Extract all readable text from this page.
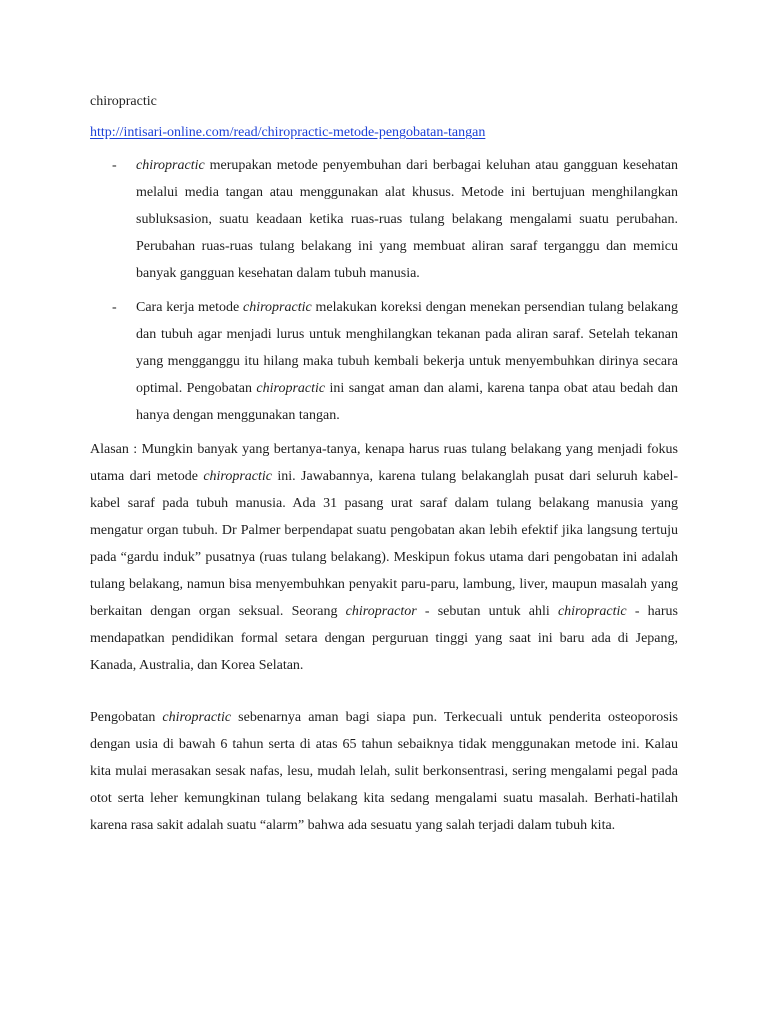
chiropractic

http://intisari-online.com/read/chiropractic-metode-pengobatan-tangan

- chiropractic merupakan metode penyembuhan dari berbagai keluhan atau gangguan kesehatan melalui media tangan atau menggunakan alat khusus. Metode ini bertujuan menghilangkan subluksasion, suatu keadaan ketika ruas-ruas tulang belakang mengalami suatu perubahan. Perubahan ruas-ruas tulang belakang ini yang membuat aliran saraf terganggu dan memicu banyak gangguan kesehatan dalam tubuh manusia.
- Cara kerja metode chiropractic melakukan koreksi dengan menekan persendian tulang belakang dan tubuh agar menjadi lurus untuk menghilangkan tekanan pada aliran saraf. Setelah tekanan yang mengganggu itu hilang maka tubuh kembali bekerja untuk menyembuhkan dirinya secara optimal. Pengobatan chiropractic ini sangat aman dan alami, karena tanpa obat atau bedah dan hanya dengan menggunakan tangan.

Alasan : Mungkin banyak yang bertanya-tanya, kenapa harus ruas tulang belakang yang menjadi fokus utama dari metode chiropractic ini. Jawabannya, karena tulang belakanglah pusat dari seluruh kabel-kabel saraf pada tubuh manusia. Ada 31 pasang urat saraf dalam tulang belakang manusia yang mengatur organ tubuh. Dr Palmer berpendapat suatu pengobatan akan lebih efektif jika langsung tertuju pada “gardu induk” pusatnya (ruas tulang belakang). Meskipun fokus utama dari pengobatan ini adalah tulang belakang, namun bisa menyembuhkan penyakit paru-paru, lambung, liver, maupun masalah yang berkaitan dengan organ seksual. Seorang chiropractor - sebutan untuk ahli chiropractic - harus mendapatkan pendidikan formal setara dengan perguruan tinggi yang saat ini baru ada di Jepang, Kanada, Australia, dan Korea Selatan.

Pengobatan chiropractic sebenarnya aman bagi siapa pun. Terkecuali untuk penderita osteoporosis dengan usia di bawah 6 tahun serta di atas 65 tahun sebaiknya tidak menggunakan metode ini. Kalau kita mulai merasakan sesak nafas, lesu, mudah lelah, sulit berkonsentrasi, sering mengalami pegal pada otot serta leher kemungkinan tulang belakang kita sedang mengalami suatu masalah. Berhati-hatilah karena rasa sakit adalah suatu “alarm” bahwa ada sesuatu yang salah terjadi dalam tubuh kita.
